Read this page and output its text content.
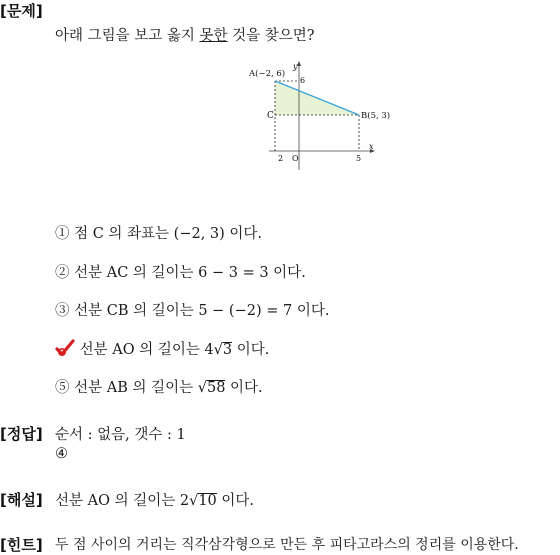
[문제]
아래 그림을 보고 옳지 못한 것을 찾으면?
A(−2, 6)
B(5, 3)
C
y
x
6
2 O	5
① 점 C 의 좌표는 (−2, 3) 이다.
② 선분 AC 의 길이는 6 − 3 = 3 이다.
③ 선분 CB 의 길이는 5 − (−2) = 7 이다.
선분 AO 의 길이는 4√3 이다.
⑤ 선분 AB 의 길이는 √58 이다.
[정답] 순서 : 없음, 갯수 : 1
④
[해설] 선분 AO 의 길이는 2√10 이다.
[힌트] 두 점 사이의 거리는 직각삼각형으로 만든 후 피타고라스의 정리를 이용한다.
